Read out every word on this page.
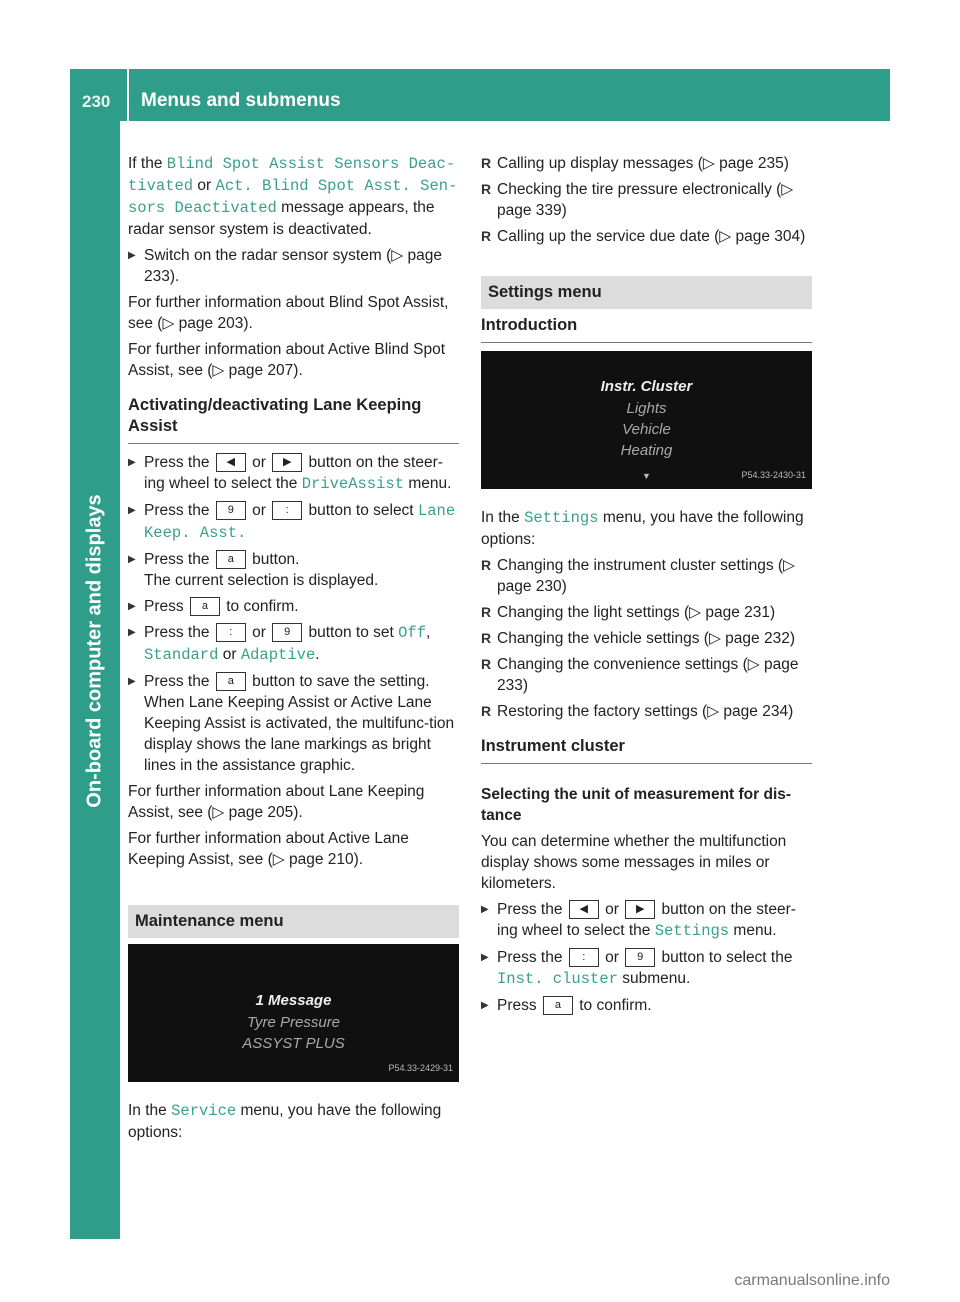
230 Menus and submenus
On-board computer and displays

If the Blind Spot Assist Sensors Deac‑ tivated or Act. Blind Spot Asst. Sen‑ sors Deactivated message appears, the radar sensor system is deactivated.

▶ Switch on the radar sensor system (▷ page 233).

For further information about Blind Spot Assist, see (▷ page 203).

For further information about Active Blind Spot Assist, see (▷ page 207).

Activating/deactivating Lane Keeping Assist
▶ Press the ◀ or ▶ button on the steer-ing wheel to select the DriveAssist menu.
▶ Press the 9 or : button to select Lane Keep. Asst.
▶ Press the a button.
The current selection is displayed.
▶ Press a to confirm.
▶ Press the : or 9 button to set Off, Standard or Adaptive.
▶ Press the a button to save the setting.
When Lane Keeping Assist or Active Lane Keeping Assist is activated, the multifunc-tion display shows the lane markings as bright lines in the assistance graphic.

For further information about Lane Keeping Assist, see (▷ page 205).

For further information about Active Lane Keeping Assist, see (▷ page 210).

Maintenance menu
1 Message
Tyre Pressure
ASSYST PLUS
P54.33-2429-31

In the Service menu, you have the following options:

R Calling up display messages (▷ page 235)
R Checking the tire pressure electronically (▷ page 339)
R Calling up the service due date (▷ page 304)
Settings menu
Introduction
Instr. Cluster
Lights
Vehicle
Heating
▼	P54.33-2430-31

In the Settings menu, you have the following options:

R Changing the instrument cluster settings (▷ page 230)
R Changing the light settings (▷ page 231)
R Changing the vehicle settings (▷ page 232)
R Changing the convenience settings (▷ page 233)
R Restoring the factory settings (▷ page 234)
Instrument cluster
Selecting the unit of measurement for dis-tance

You can determine whether the multifunction display shows some messages in miles or kilometers.

▶ Press the ◀ or ▶ button on the steer-ing wheel to select the Settings menu.
▶ Press the : or 9 button to select the Inst. cluster submenu.
▶ Press a to confirm.
carmanualsonline.info
